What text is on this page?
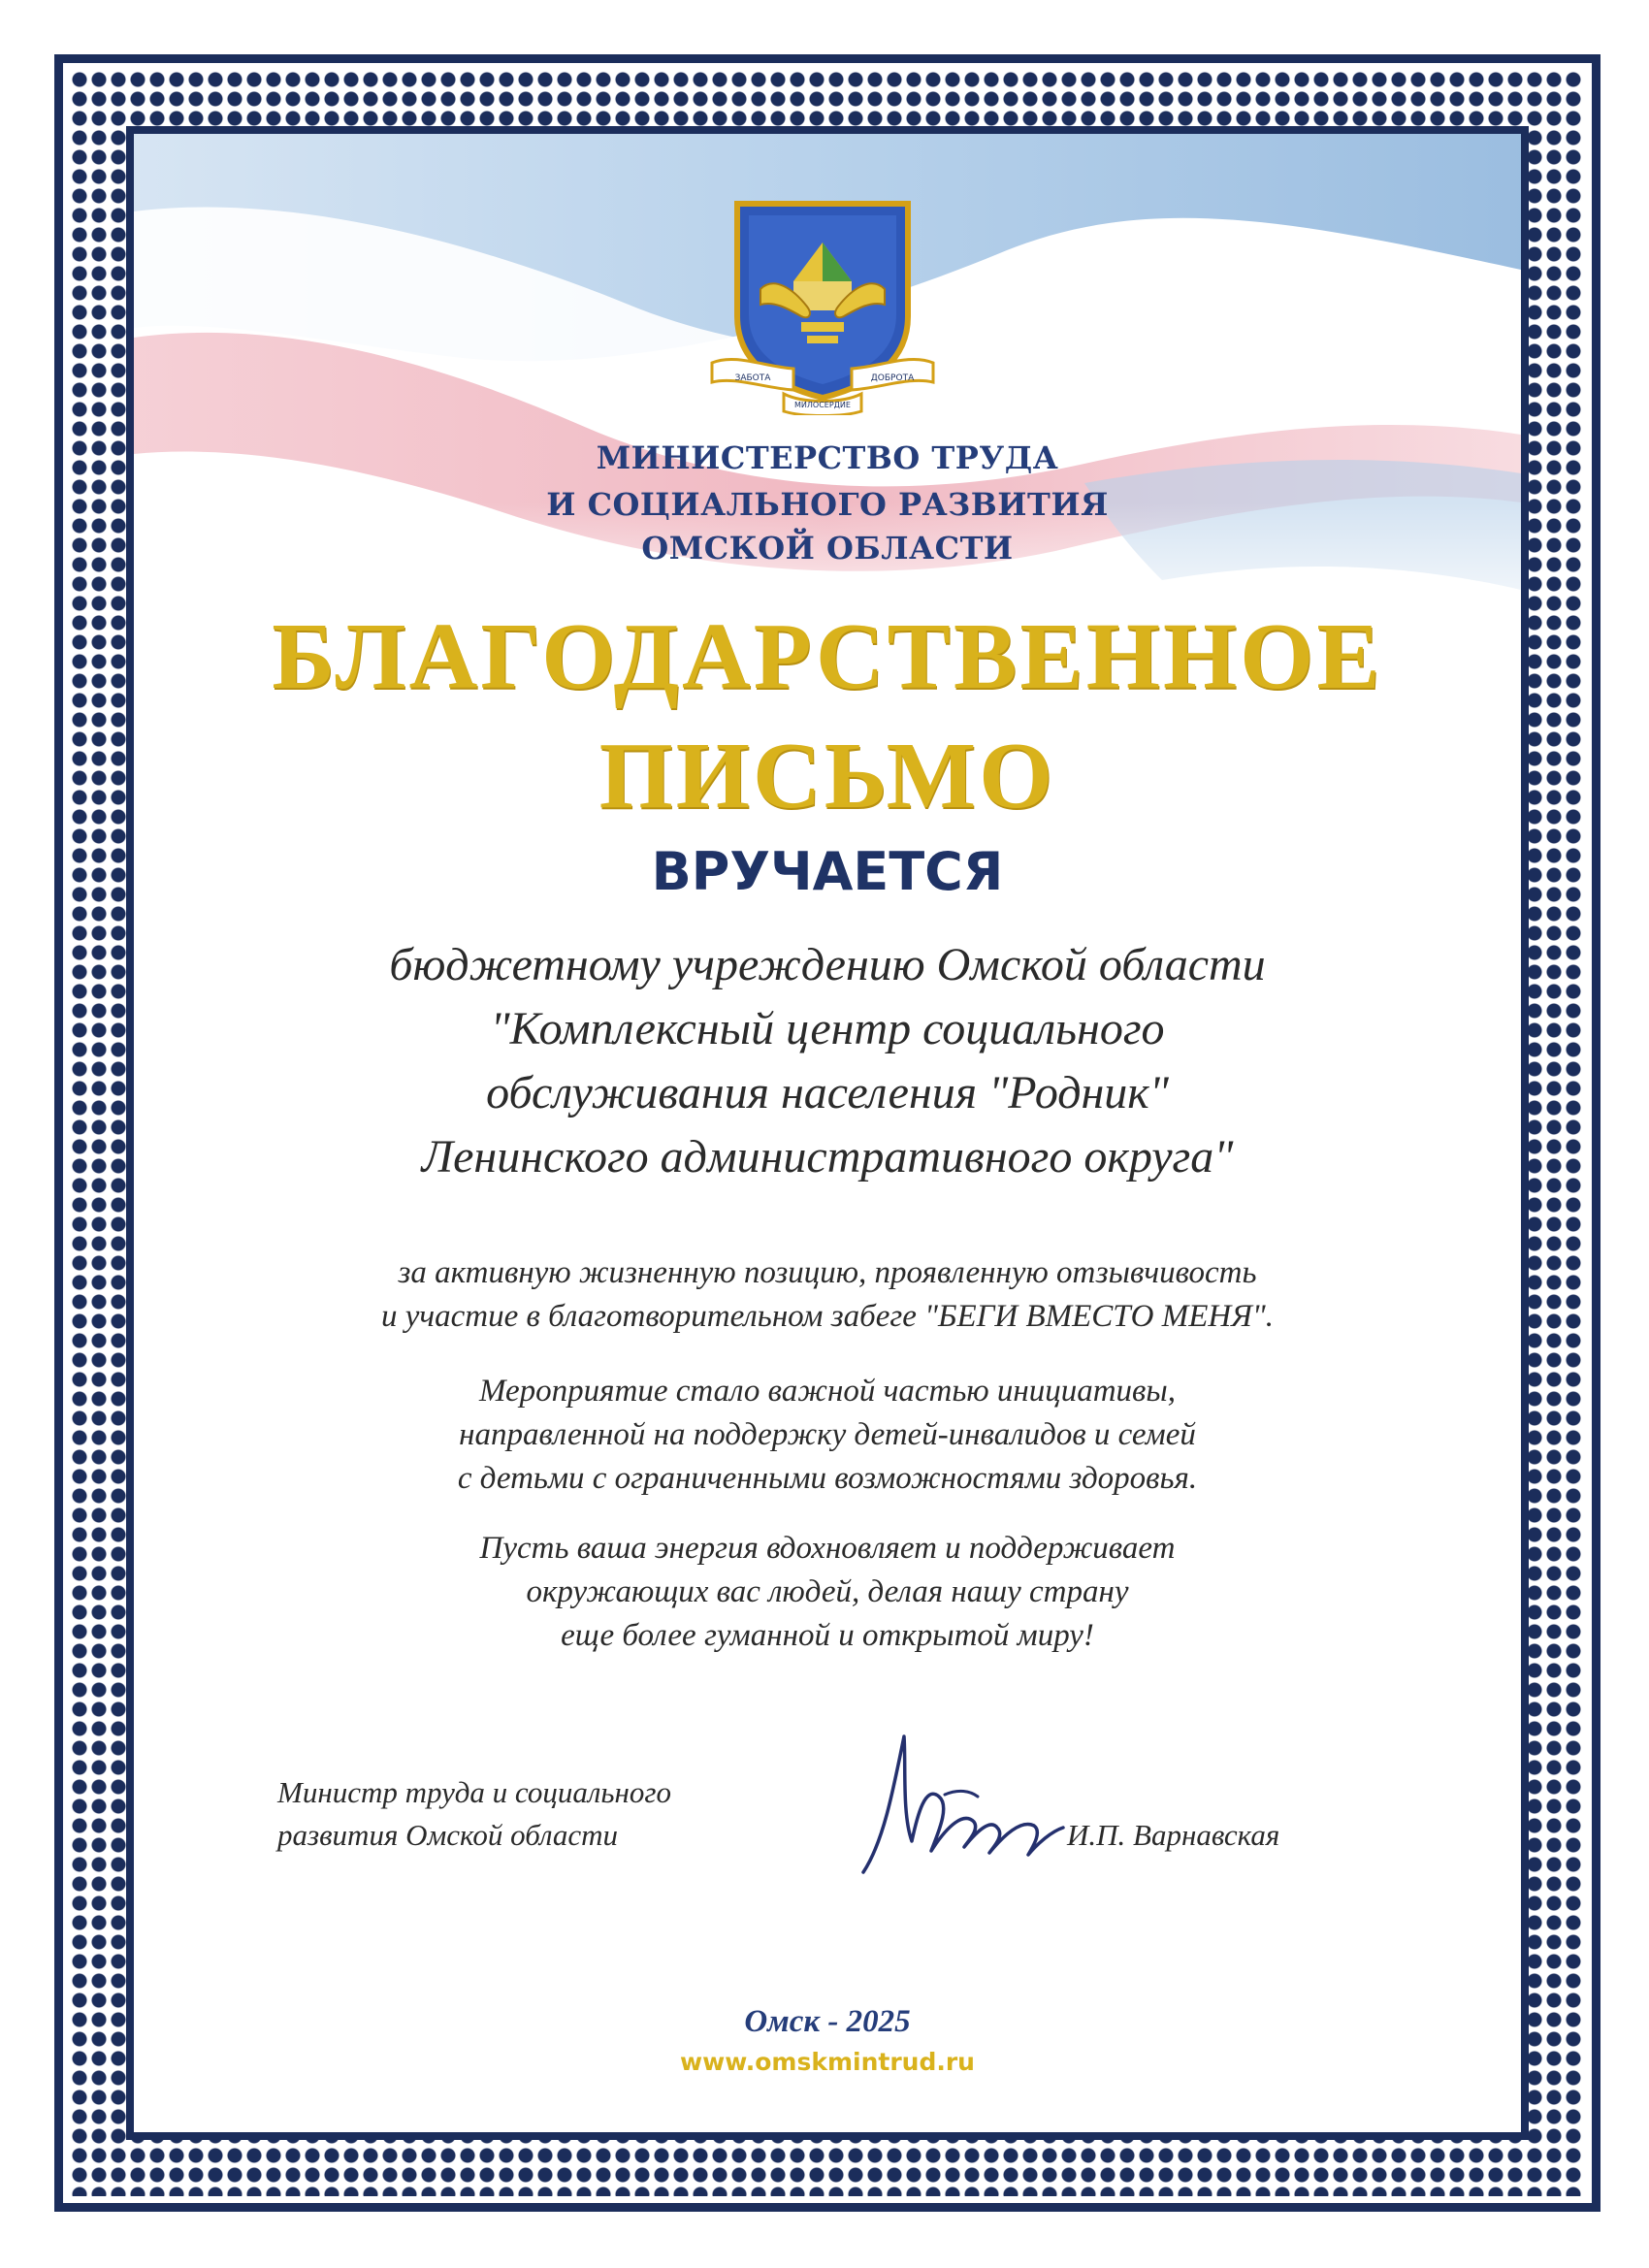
ЗАБОТА	ДОБРОТА
МИЛОСЕРДИЕ
МИНИСТЕРСТВО ТРУДА
И СОЦИАЛЬНОГО РАЗВИТИЯ
ОМСКОЙ ОБЛАСТИ
БЛАГОДАРСТВЕННОЕ
ПИСЬМО
ВРУЧАЕТСЯ
бюджетному учреждению Омской области
"Комплексный центр социального
обслуживания населения "Родник"
Ленинского административного округа"
за активную жизненную позицию, проявленную отзывчивость
и участие в благотворительном забеге "БЕГИ ВМЕСТО МЕНЯ".
Мероприятие стало важной частью инициативы,
направленной на поддержку детей-инвалидов и семей
с детьми с ограниченными возможностями здоровья.
Пусть ваша энергия вдохновляет и поддерживает
окружающих вас людей, делая нашу страну
еще более гуманной и открытой миру!
Министр труда и социального
развития Омской области	И.П. Варнавская
Омск - 2025
www.omskmintrud.ru
